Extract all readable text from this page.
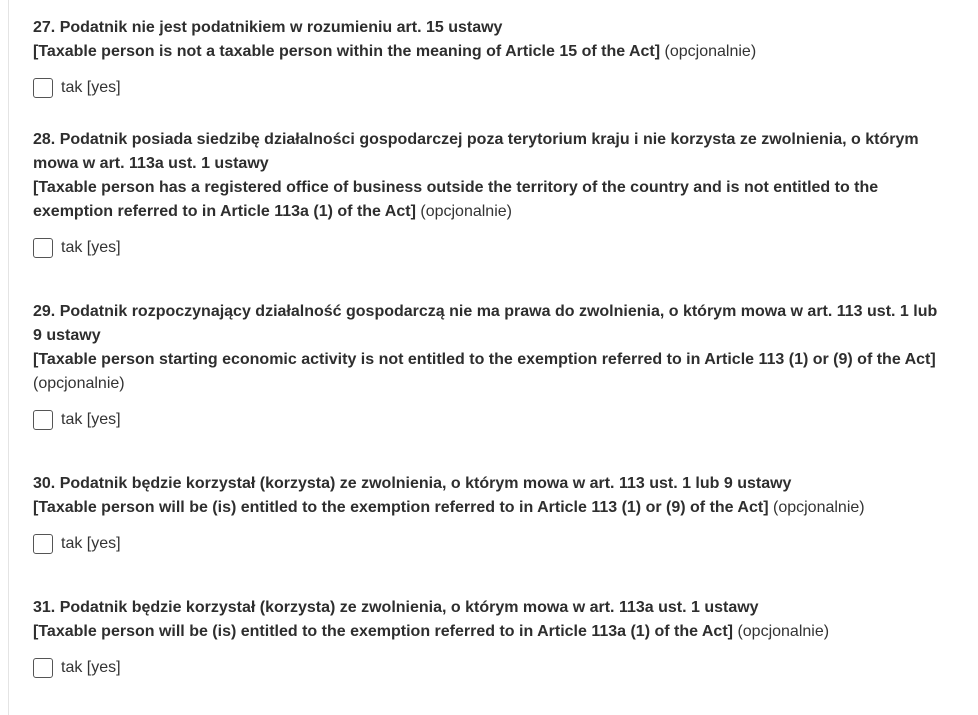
27. Podatnik nie jest podatnikiem w rozumieniu art. 15 ustawy
[Taxable person is not a taxable person within the meaning of Article 15 of the Act] (opcjonalnie)

tak [yes]

28. Podatnik posiada siedzibę działalności gospodarczej poza terytorium kraju i nie korzysta ze zwolnienia, o którym mowa w art. 113a ust. 1 ustawy
[Taxable person has a registered office of business outside the territory of the country and is not entitled to the exemption referred to in Article 113a (1) of the Act] (opcjonalnie)

tak [yes]

29. Podatnik rozpoczynający działalność gospodarczą nie ma prawa do zwolnienia, o którym mowa w art. 113 ust. 1 lub 9 ustawy
[Taxable person starting economic activity is not entitled to the exemption referred to in Article 113 (1) or (9) of the Act] (opcjonalnie)

tak [yes]

30. Podatnik będzie korzystał (korzysta) ze zwolnienia, o którym mowa w art. 113 ust. 1 lub 9 ustawy
[Taxable person will be (is) entitled to the exemption referred to in Article 113 (1) or (9) of the Act] (opcjonalnie)

tak [yes]

31. Podatnik będzie korzystał (korzysta) ze zwolnienia, o którym mowa w art. 113a ust. 1 ustawy
[Taxable person will be (is) entitled to the exemption referred to in Article 113a (1) of the Act] (opcjonalnie)

tak [yes]
